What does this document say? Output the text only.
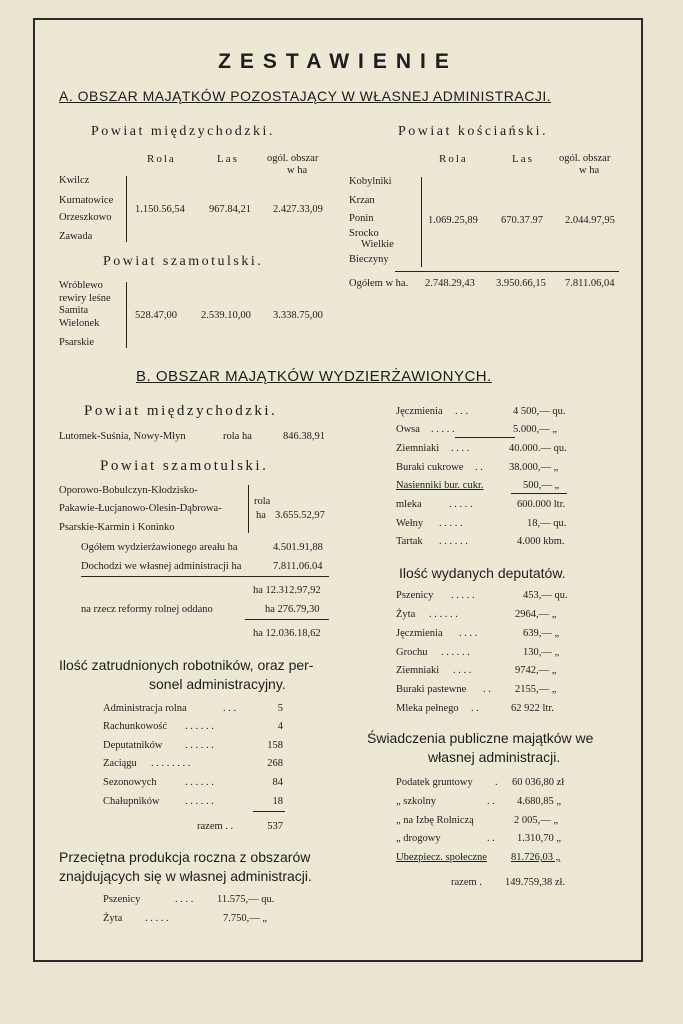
ZESTAWIENIE
A. OBSZAR MAJĄTKÓW POZOSTAJĄCY W WŁASNEJ ADMINISTRACJI.
Powiat międzychodzki.
Rola	Las	ogól. obszar
w ha
Kwilcz
Kurnatowice
Orzeszkowo
Zawada
1.150.56,54 967.84,21 2.427.33,09
Powiat szamotulski.
Wróblewo
rewiry leśne
Samita
Wielonek
Psarskie
528.47,00 2.539.10,00 3.338.75,00
Powiat kościański.
Rola	Las ogól. obszar
w ha
Kobylniki
Krzan
Ponin
Srocko
Wielkie
Bieczyny
1.069.25,89 670.37.97 2.044.97,95
Ogółem w ha. 2.748.29,43 3.950.66,15 7.811.06,04
B. OBSZAR MAJĄTKÓW WYDZIERŻAWIONYCH.
Powiat międzychodzki.
Lutomek-Suśnia, Nowy-Młyn	rola ha	846.38,91
Powiat szamotulski.
Oporowo-Bobulczyn-Kłodzisko-
Pakawie-Łucjanowo-Olesin-Dąbrowa-
Psarskie-Karmin i Koninko
rola
ha 3.655.52,97
Ogółem wydzierżawionego areału ha	4.501.91,88
Dochodzi we własnej administracji ha	7.811.06.04
ha 12.312.97,92
na rzecz reformy rolnej oddano	ha 276.79,30
ha 12.036.18,62
Ilość zatrudnionych robotników, oraz per-
sonel administracyjny.
Administracja rolna	. . .	5
Rachunkowość . . . . . .	4
Deputatników . . . . . .	158
Zaciągu . . . . . . . .	268
Sezonowych	. . . . . .	84
Chałupników . . . . . .	18
razem . .	537
Przeciętna produkcja roczna z obszarów
znajdujących się w własnej administracji.
Pszenicy	. . . . 11.575,— qu.
Żyta . . . . .	7.750,— „
Jęczmienia . . .	4 500,— qu.
Owsa . . . . .	5.000,— „
Ziemniaki . . . .	40.000.— qu.
Buraki cukrowe . . 38.000,— „
Nasienniki bur. cukr.	500,— „
mleka	. . . . .	600.000 ltr.
Wełny . . . . .	18,— qu.
Tartak . . . . . .	4.000 kbm.
Ilość wydanych deputatów.
Pszenicy . . . . .	453,— qu.
Żyta . . . . . .	2964,— „
Jęczmienia . . . .	639,— „
Grochu . . . . . .	130,— „
Ziemniaki . . . .	9742,— „
Buraki pastewne . . 2155,— „
Mleka pełnego . .	62 922 ltr.
Świadczenia publiczne majątków we
własnej administracji.
Podatek gruntowy . 60 036,80 zł
„ szkolny	. . 4.680,85 „
„ na Izbę Rolniczą	2 005,— „
„ drogowy	. . 1.310,70 „
Ubezpiecz. społeczne 81.726,03 „
razem . 149.759,38 zł.
